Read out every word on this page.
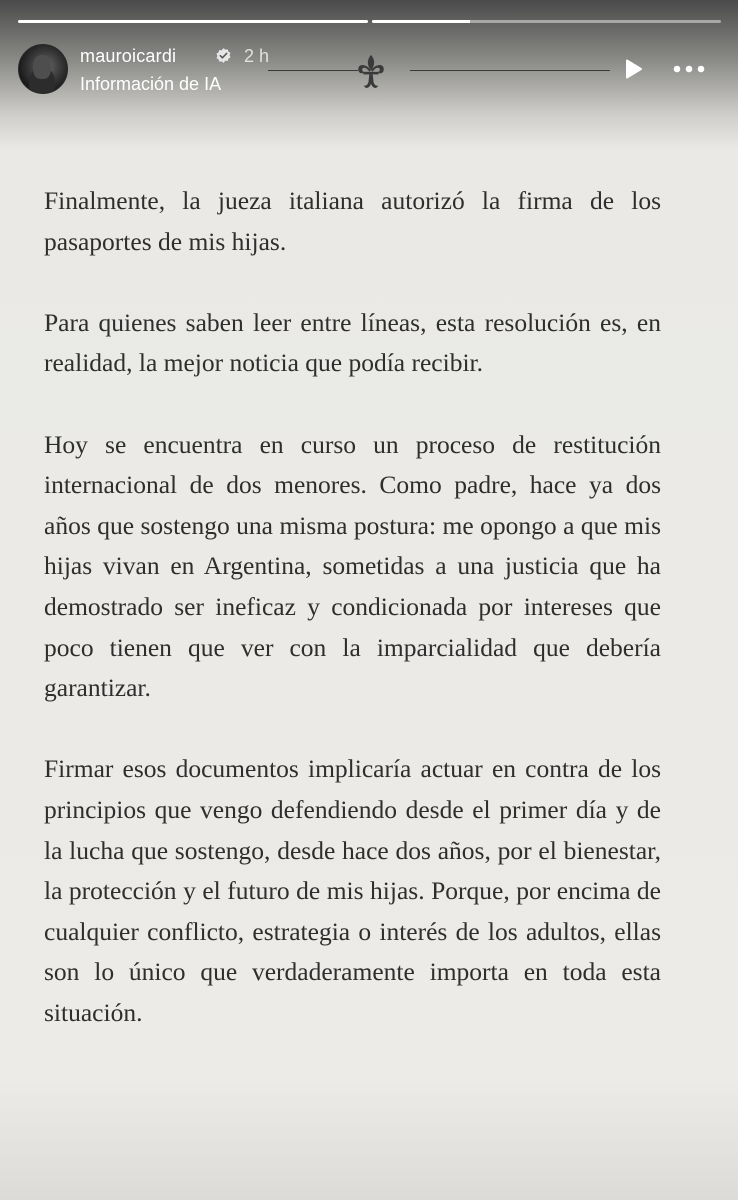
mauroicardi	2 h
Información de IA

Finalmente, la jueza italiana autorizó la firma de los pasaportes de mis hijas.

Para quienes saben leer entre líneas, esta resolución es, en realidad, la mejor noticia que podía recibir.

Hoy se encuentra en curso un proceso de restitución internacional de dos menores. Como padre, hace ya dos años que sostengo una misma postura: me opongo a que mis hijas vivan en Argentina, sometidas a una justicia que ha demostrado ser ineficaz y condicionada por intereses que poco tienen que ver con la imparcialidad que debería garantizar.

Firmar esos documentos implicaría actuar en contra de los principios que vengo defendiendo desde el primer día y de la lucha que sostengo, desde hace dos años, por el bienestar, la protección y el futuro de mis hijas. Porque, por encima de cualquier conflicto, estrategia o interés de los adultos, ellas son lo único que verdaderamente importa en toda esta situación.
